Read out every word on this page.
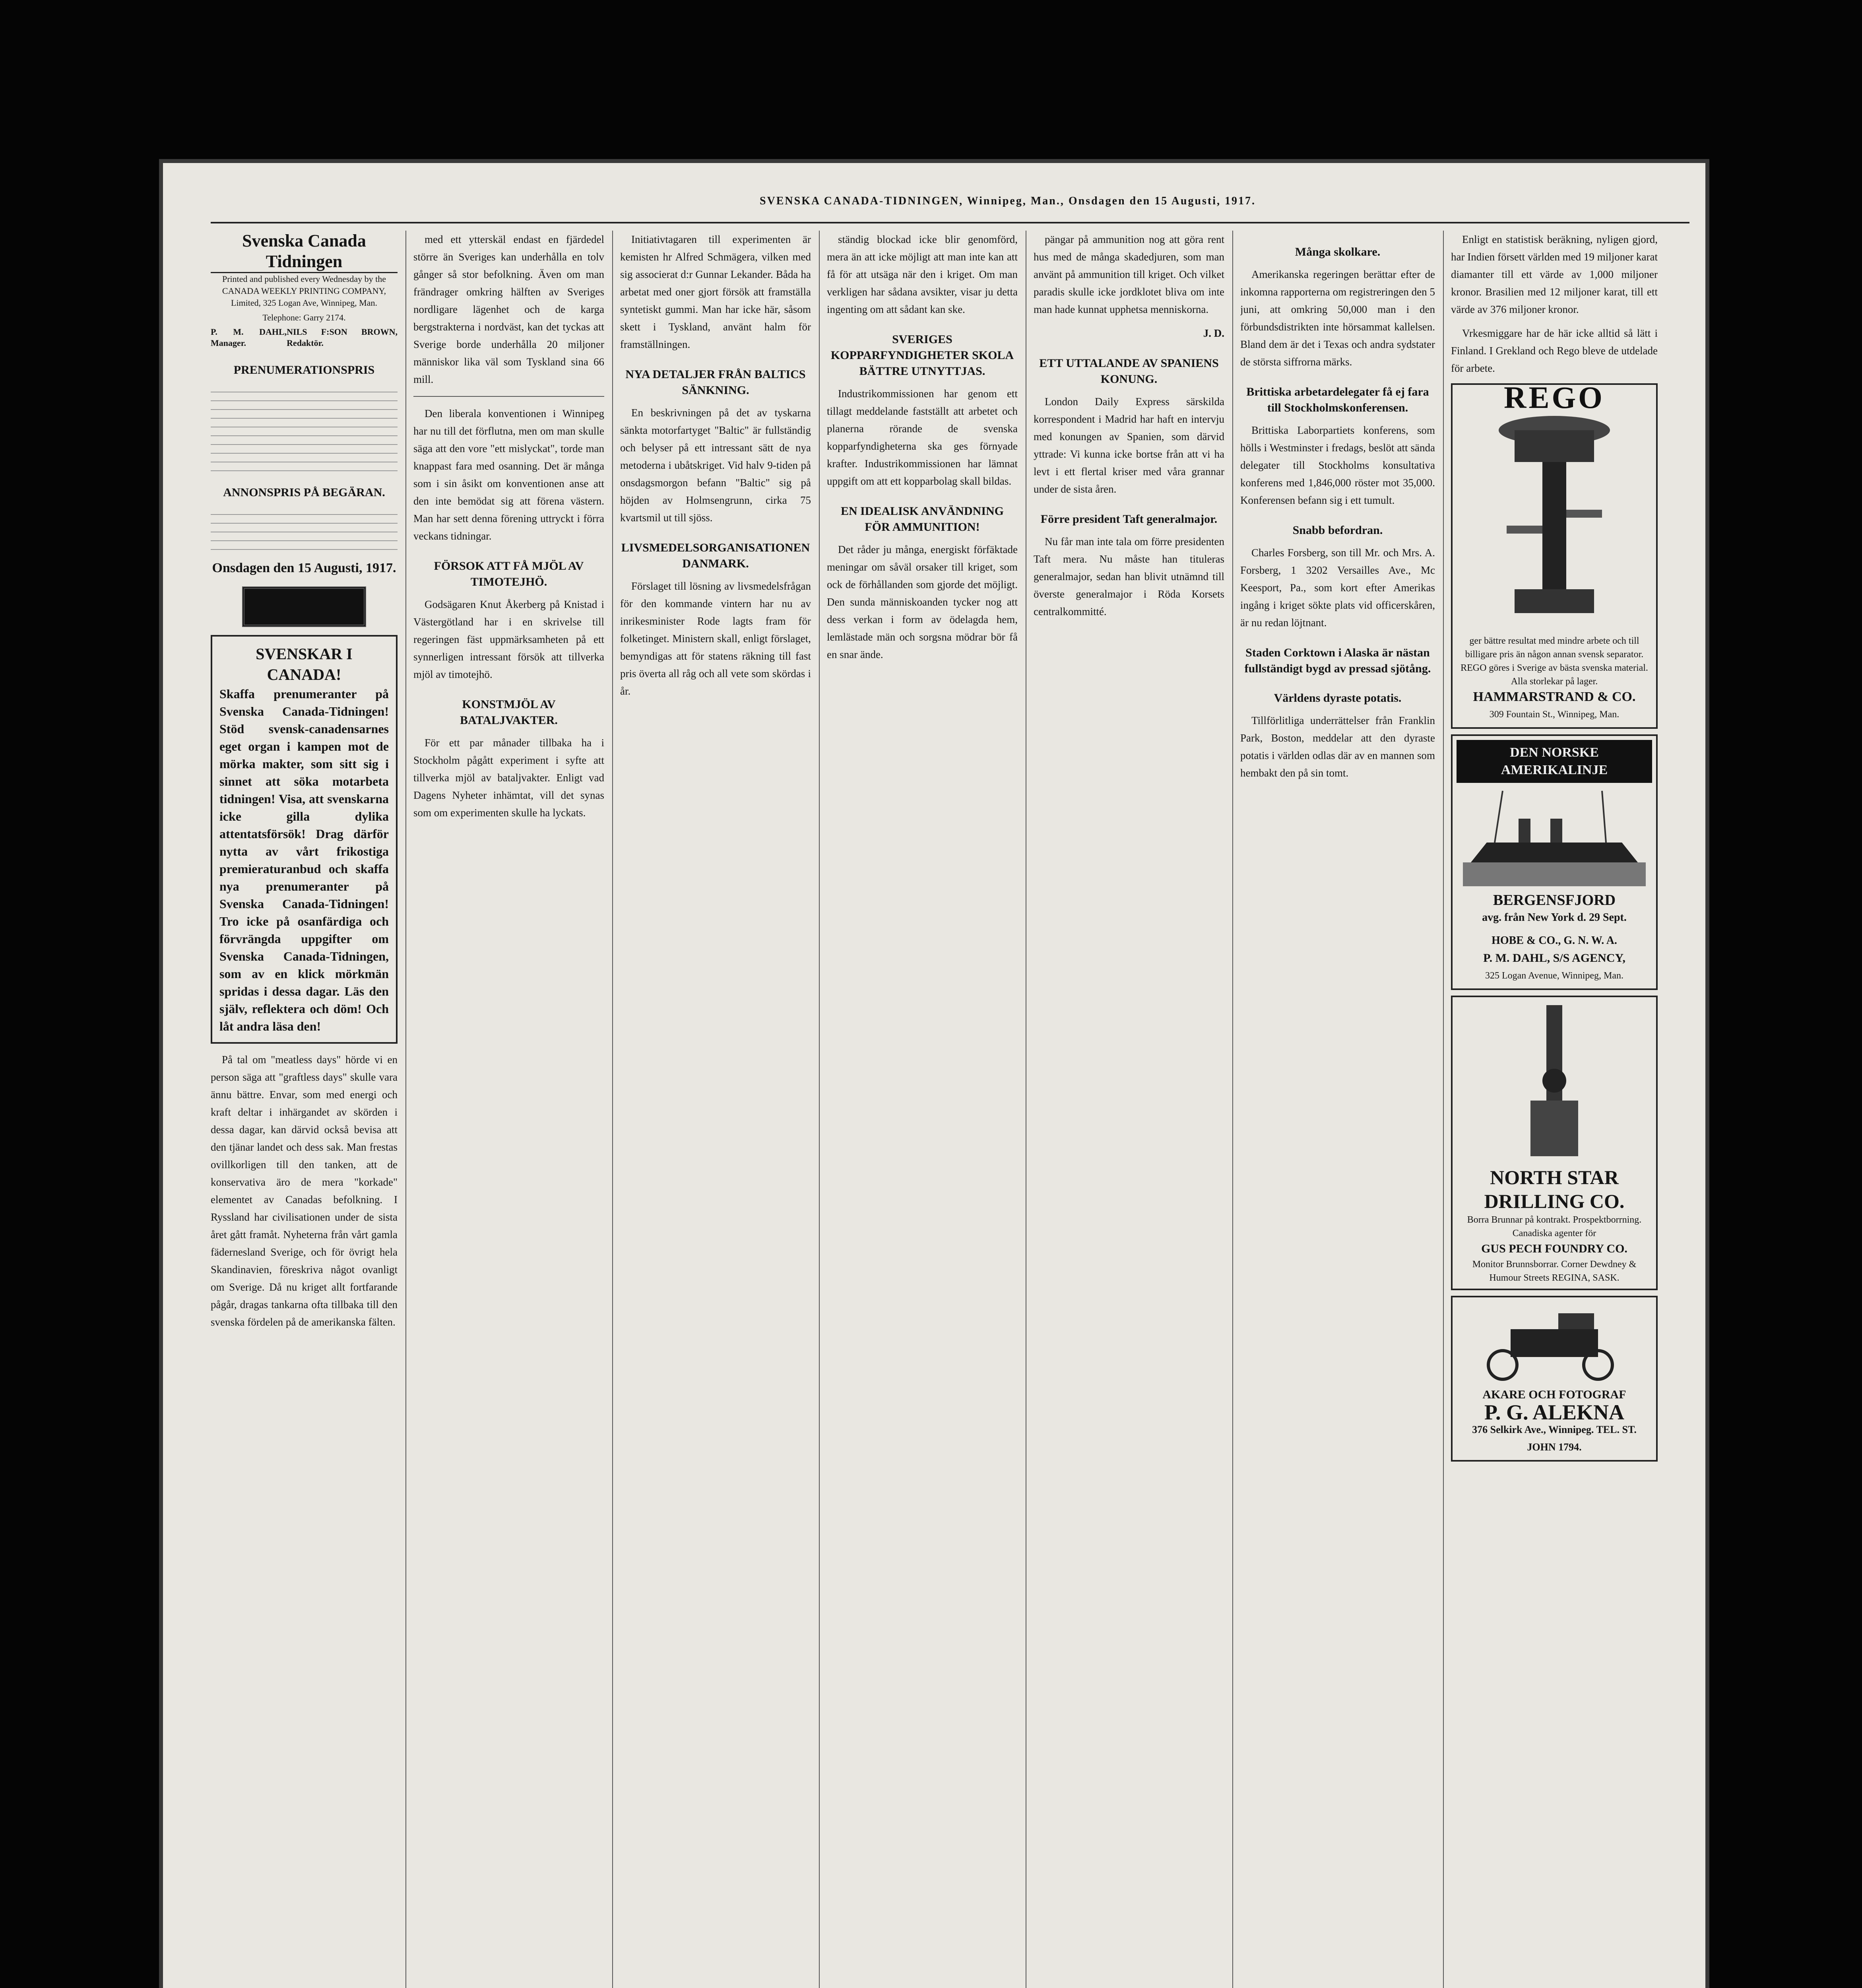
SVENSKA CANADA-TIDNINGEN, Winnipeg, Man., Onsdagen den 15 Augusti, 1917.
Svenska Canada Tidningen
Printed and published every Wednesday by the CANADA WEEKLY PRINTING COMPANY, Limited, 325 Logan Ave, Winnipeg, Man.
Telephone: Garry 2174.
P. M. DAHL, Manager.
NILS F:SON BROWN, Redaktör.
PRENUMERATIONSPRIS
ANNONSPRIS PÅ BEGÄRAN.
Onsdagen den 15 Augusti, 1917.
SVENSKAR I CANADA!
Skaffa prenumeranter på Svenska Canada-Tidningen! Stöd svensk-canadensarnes eget organ i kampen mot de mörka makter, som sitt sig i sinnet att söka motarbeta tidningen! Visa, att svenskarna icke gilla dylika attentatsförsök! Drag därför nytta av vårt frikostiga premieraturanbud och skaffa nya prenumeranter på Svenska Canada-Tidningen! Tro icke på osanfärdiga och förvrängda uppgifter om Svenska Canada-Tidningen, som av en klick mörkmän spridas i dessa dagar. Läs den själv, reflektera och döm! Och låt andra läsa den!

På tal om "meatless days" hörde vi en person säga att "graftless days" skulle vara ännu bättre. Envar, som med energi och kraft deltar i inhärgandet av skörden i dessa dagar, kan därvid också bevisa att den tjänar landet och dess sak. Man frestas ovillkorligen till den tanken, att de konservativa äro de mera "korkade" elementet av Canadas befolkning. I Ryssland har civilisationen under de sista året gått framåt. Nyheterna från vårt gamla fädernesland Sverige, och för övrigt hela Skandinavien, föreskriva något ovanligt om Sverige. Då nu kriget allt fortfarande pågår, dragas tankarna ofta tillbaka till den svenska fördelen på de amerikanska fälten.

med ett ytterskäl endast en fjärdedel större än Sveriges kan underhålla en tolv gånger så stor befolkning. Även om man frändrager omkring hälften av Sveriges nordligare lägenhet och de karga bergstrakterna i nordväst, kan det tyckas att Sverige borde underhålla 20 miljoner människor lika väl som Tyskland sina 66 mill.

Den liberala konventionen i Winnipeg har nu till det förflutna, men om man skulle säga att den vore "ett mislyckat", torde man knappast fara med osanning. Det är många som i sin åsikt om konventionen anse att den inte bemödat sig att förena västern. Man har sett denna förening uttryckt i förra veckans tidningar.

FÖRSOK ATT FÅ MJÖL AV TIMOTEJHÖ.

Godsägaren Knut Åkerberg på Knistad i Västergötland har i en skrivelse till regeringen fäst uppmärksamheten på ett synnerligen intressant försök att tillverka mjöl av timotejhö.

KONSTMJÖL AV BATALJVAKTER.

För ett par månader tillbaka ha i Stockholm pågått experiment i syfte att tillverka mjöl av bataljvakter. Enligt vad Dagens Nyheter inhämtat, vill det synas som om experimenten skulle ha lyckats.

Initiativtagaren till experimenten är kemisten hr Alfred Schmägera, vilken med sig associerat d:r Gunnar Lekander. Båda ha arbetat med oner gjort försök att framställa syntetiskt gummi. Man har icke här, såsom skett i Tyskland, använt halm för framställningen.

NYA DETALJER FRÅN BALTICS SÄNKNING.

En beskrivningen på det av tyskarna sänkta motorfartyget "Baltic" är fullständig och belyser på ett intressant sätt de nya metoderna i ubåtskriget. Vid halv 9-tiden på onsdagsmorgon befann "Baltic" sig på höjden av Holmsengrunn, cirka 75 kvartsmil ut till sjöss.

LIVSMEDELSORGANISATIONEN DANMARK.

Förslaget till lösning av livsmedelsfrågan för den kommande vintern har nu av inrikesminister Rode lagts fram för folketinget. Ministern skall, enligt förslaget, bemyndigas att för statens räkning till fast pris överta all råg och all vete som skördas i år.

ständig blockad icke blir genomförd, mera än att icke möjligt att man inte kan att få för att utsäga när den i kriget. Om man verkligen har sådana avsikter, visar ju detta ingenting om att sådant kan ske.

SVERIGES KOPPARFYNDIGHETER SKOLA BÄTTRE UTNYTTJAS.

Industrikommissionen har genom ett tillagt meddelande fastställt att arbetet och planerna rörande de svenska kopparfyndigheterna ska ges förnyade krafter. Industrikommissionen har lämnat uppgift om att ett kopparbolag skall bildas.

EN IDEALISK ANVÄNDNING FÖR AMMUNITION!

Det råder ju många, energiskt förfäktade meningar om såväl orsaker till kriget, som ock de förhållanden som gjorde det möjligt. Den sunda människoanden tycker nog att dess verkan i form av ödelagda hem, lemlästade män och sorgsna mödrar bör få en snar ände.

pängar på ammunition nog att göra rent hus med de många skadedjuren, som man använt på ammunition till kriget. Och vilket paradis skulle icke jordklotet bliva om inte man hade kunnat upphetsa menniskorna.

J. D.
ETT UTTALANDE AV SPANIENS KONUNG.

London Daily Express särskilda korrespondent i Madrid har haft en intervju med konungen av Spanien, som därvid yttrade: Vi kunna icke bortse från att vi ha levt i ett flertal kriser med våra grannar under de sista åren.

Förre president Taft generalmajor.

Nu får man inte tala om förre presidenten Taft mera. Nu måste han tituleras generalmajor, sedan han blivit utnämnd till överste generalmajor i Röda Korsets centralkommitté.

Många skolkare.

Amerikanska regeringen berättar efter de inkomna rapporterna om registreringen den 5 juni, att omkring 50,000 man i den förbundsdistrikten inte hörsammat kallelsen. Bland dem är det i Texas och andra sydstater de största siffrorna märks.

Brittiska arbetardelegater få ej fara till Stockholmskonferensen.

Brittiska Laborpartiets konferens, som hölls i Westminster i fredags, beslöt att sända delegater till Stockholms konsultativa konferens med 1,846,000 röster mot 35,000. Konferensen befann sig i ett tumult.

Snabb befordran.

Charles Forsberg, son till Mr. och Mrs. A. Forsberg, 1 3202 Versailles Ave., Mc Keesport, Pa., som kort efter Amerikas ingång i kriget sökte plats vid officerskåren, är nu redan löjtnant.

Staden Corktown i Alaska är nästan fullständigt bygd av pressad sjötång.
Världens dyraste potatis.

Tillförlitliga underrättelser från Franklin Park, Boston, meddelar att den dyraste potatis i världen odlas där av en mannen som hembakt den på sin tomt.

Enligt en statistisk beräkning, nyligen gjord, har Indien försett världen med 19 miljoner karat diamanter till ett värde av 1,000 miljoner kronor. Brasilien med 12 miljoner karat, till ett värde av 376 miljoner kronor.

Vrkesmiggare har de här icke alltid så lätt i Finland. I Grekland och Rego bleve de utdelade för arbete.

REGO
ger bättre resultat med mindre arbete och till billigare pris än någon annan svensk separator. REGO göres i Sverige av bästa svenska material. Alla storlekar på lager.
HAMMARSTRAND & CO.
309 Fountain St., Winnipeg, Man.
DEN NORSKE AMERIKALINJE
BERGENSFJORD
avg. från New York d. 29 Sept.
HOBE & CO., G. N. W. A.
P. M. DAHL, S/S AGENCY,
325 Logan Avenue, Winnipeg, Man.
NORTH STAR DRILLING CO.
Borra Brunnar på kontrakt. Prospektborrning. Canadiska agenter för
GUS PECH FOUNDRY CO.
Monitor Brunnsborrar. Corner Dewdney & Humour Streets REGINA, SASK.
AKARE OCH FOTOGRAF
P. G. ALEKNA
376 Selkirk Ave., Winnipeg. TEL. ST. JOHN 1794.
